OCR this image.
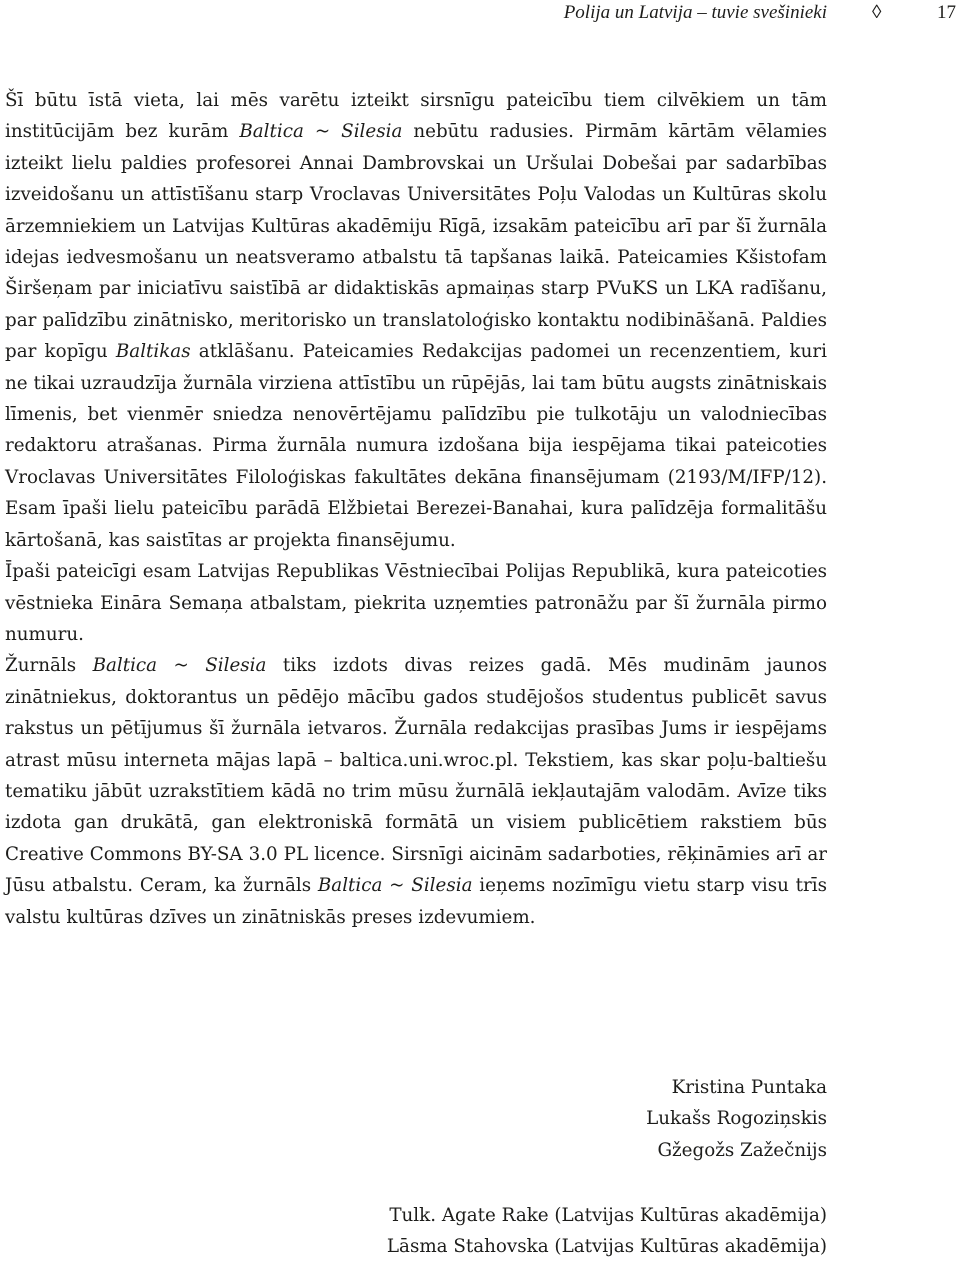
Polija un Latvija – tuvie svešinieki ◊	17

Šī būtu īstā vieta, lai mēs varētu izteikt sirsnīgu pateicību tiem cilvēkiem un tām institūcijām bez kurām Baltica ~ Silesia nebūtu radusies. Pirmām kārtām vēlamies izteikt lielu paldies profesorei Annai Dambrovskai un Uršulai Dobešai par sadarbības izveidošanu un attīstīšanu starp Vroclavas Universitātes Poļu Valodas un Kultūras skolu ārzemniekiem un Latvijas Kultūras akadēmiju Rīgā, izsakām pateicību arī par šī žurnāla idejas iedvesmošanu un neatsveramo atbalstu tā tapšanas laikā. Pateicamies Kšistofam Širšeņam par iniciatīvu saistībā ar didaktiskās apmaiņas starp PVuKS un LKA radīšanu, par palīdzību zinātnisko, meritorisko un translatoloģisko kontaktu nodibināšanā. Paldies par kopīgu Baltikas atklāšanu. Pateicamies Redakcijas padomei un recenzentiem, kuri ne tikai uzraudzīja žurnāla virziena attīstību un rūpējās, lai tam būtu augsts zinātniskais līmenis, bet vienmēr sniedza nenovērtējamu palīdzību pie tulkotāju un valodniecības redaktoru atrašanas. Pirma žurnāla numura izdošana bija iespējama tikai pateicoties Vroclavas Universitātes Filoloģiskas fakultātes dekāna finansējumam (2193/M/IFP/12). Esam īpaši lielu pateicību parādā Elžbietai Berezei-Banahai, kura palīdzēja formalitāšu kārtošanā, kas saistītas ar projekta finansējumu.

Īpaši pateicīgi esam Latvijas Republikas Vēstniecībai Polijas Republikā, kura pateicoties vēstnieka Eināra Semaņa atbalstam, piekrita uzņemties patronāžu par šī žurnāla pirmo numuru.

Žurnāls Baltica ~ Silesia tiks izdots divas reizes gadā. Mēs mudinām jaunos zinātniekus, doktorantus un pēdējo mācību gados studējošos studentus publicēt savus rakstus un pētījumus šī žurnāla ietvaros. Žurnāla redakcijas prasības Jums ir iespējams atrast mūsu interneta mājas lapā – baltica.uni.wroc.pl. Tekstiem, kas skar poļu-baltiešu tematiku jābūt uzrakstītiem kādā no trim mūsu žurnālā iekļautajām valodām. Avīze tiks izdota gan drukātā, gan elektroniskā formātā un visiem publicētiem rakstiem būs Creative Commons BY-SA 3.0 PL licence. Sirsnīgi aicinām sadarboties, rēķināmies arī ar Jūsu atbalstu. Ceram, ka žurnāls Baltica ~ Silesia ieņems nozīmīgu vietu starp visu trīs valstu kultūras dzīves un zinātniskās preses izdevumiem.

Kristina Puntaka
Lukašs Rogoziņskis
Gžegožs Zažečnijs
Tulk. Agate Rake (Latvijas Kultūras akadēmija)
Lāsma Stahovska (Latvijas Kultūras akadēmija)
